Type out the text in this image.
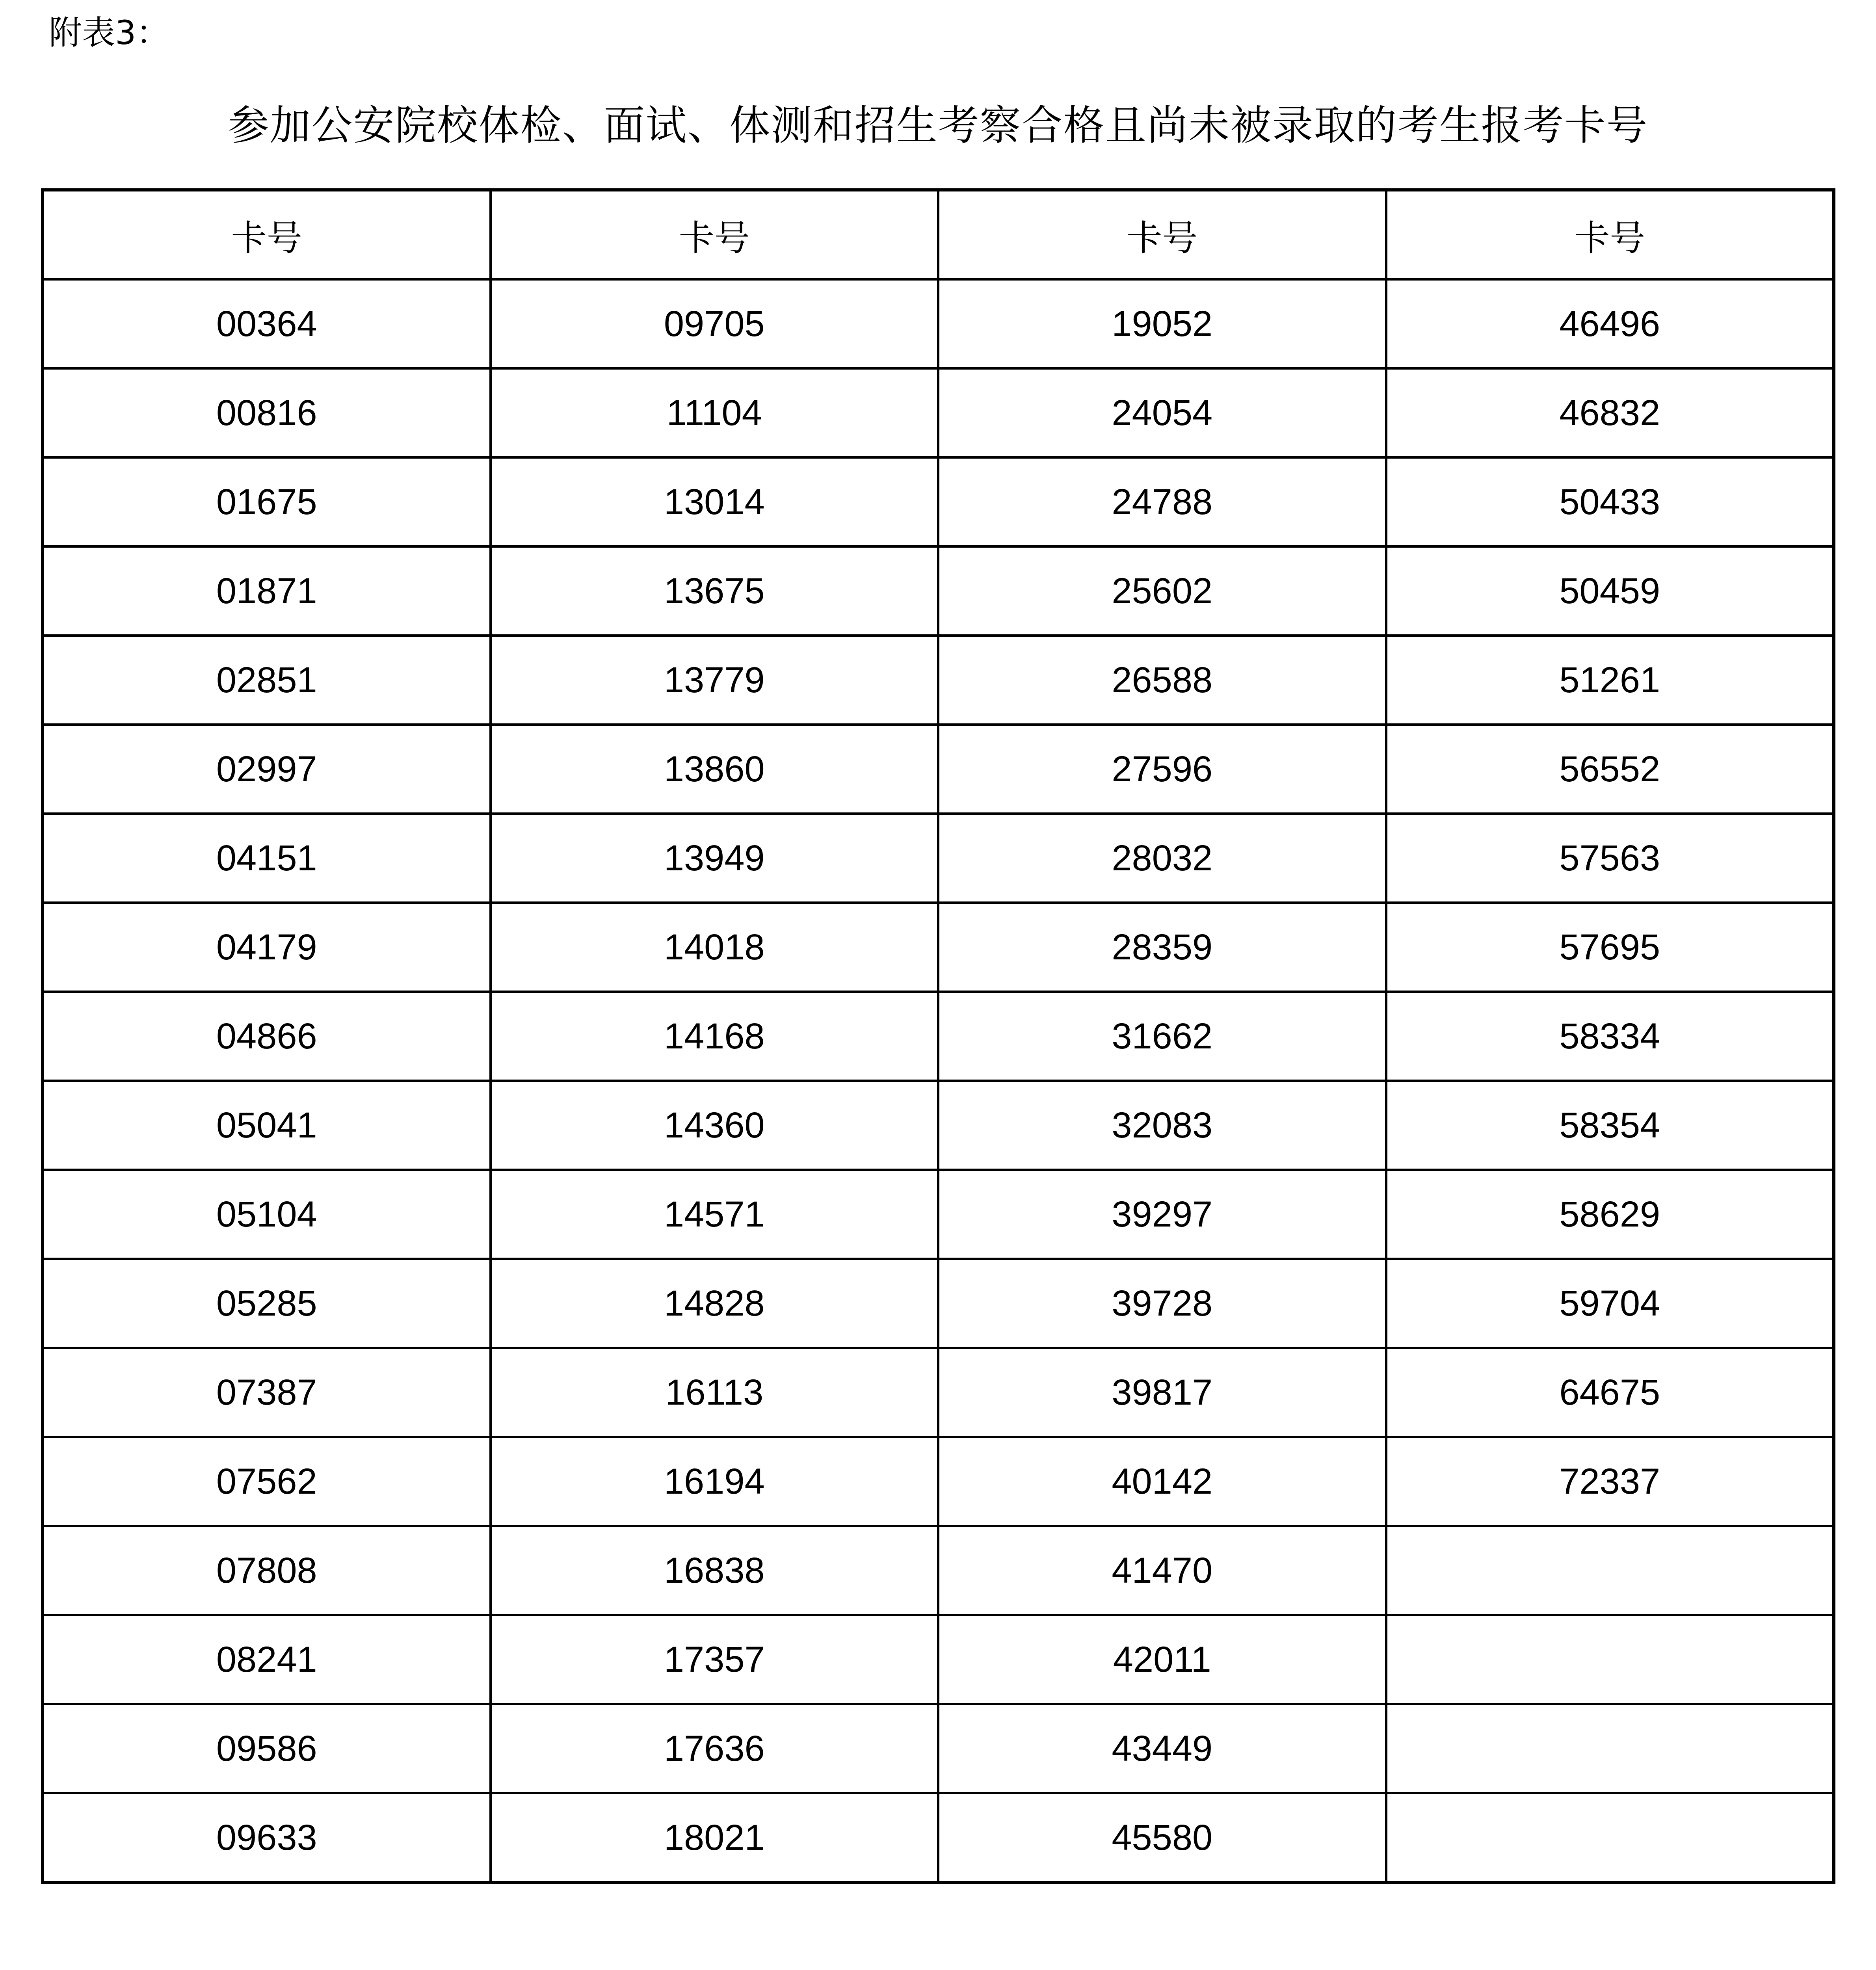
附表3：
参加公安院校体检、面试、体测和招生考察合格且尚未被录取的考生报考卡号
卡号	卡号	卡号	卡号
00364	09705	19052	46496
00816	11104	24054	46832
01675	13014	24788	50433
01871	13675	25602	50459
02851	13779	26588	51261
02997	13860	27596	56552
04151	13949	28032	57563
04179	14018	28359	57695
04866	14168	31662	58334
05041	14360	32083	58354
05104	14571	39297	58629
05285	14828	39728	59704
07387	16113	39817	64675
07562	16194	40142	72337
07808	16838	41470	
08241	17357	42011	
09586	17636	43449	
09633	18021	45580	
